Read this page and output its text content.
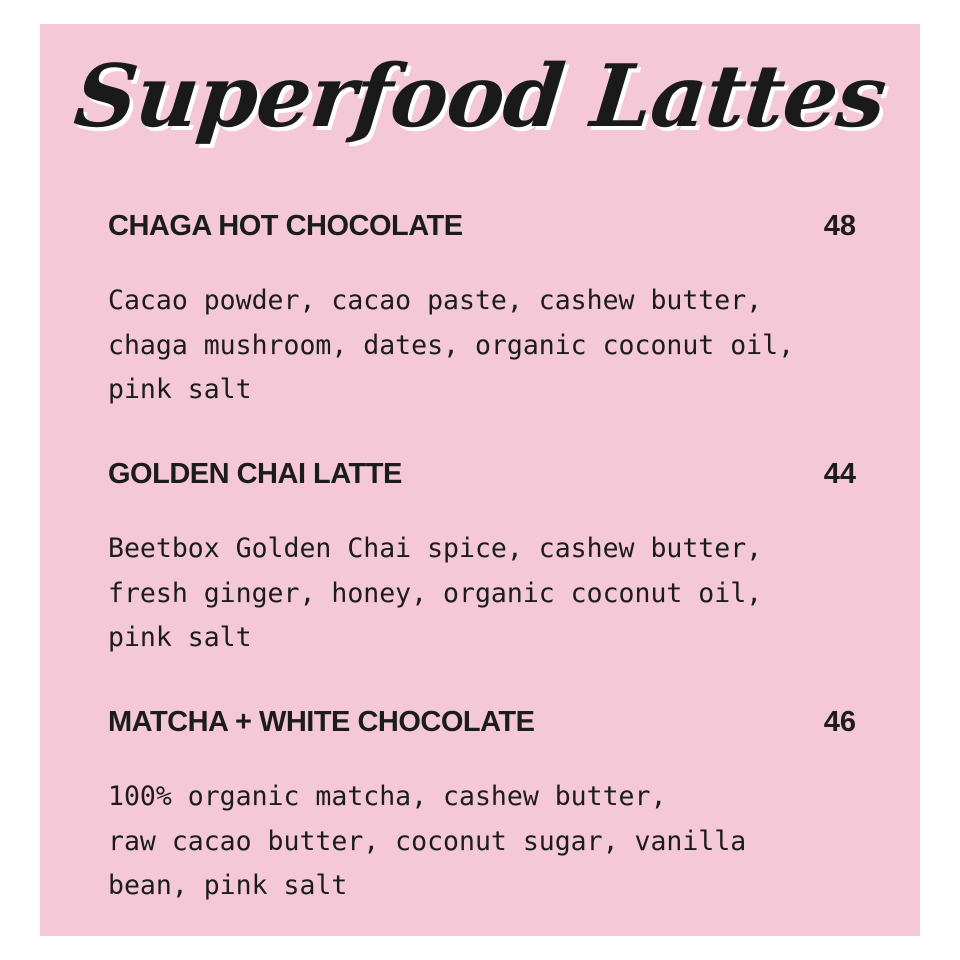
Superfood Lattes
CHAGA HOT CHOCOLATE	48
Cacao powder, cacao paste, cashew butter,
chaga mushroom, dates, organic coconut oil,
pink salt
GOLDEN CHAI LATTE	44
Beetbox Golden Chai spice, cashew butter,
fresh ginger, honey, organic coconut oil,
pink salt
MATCHA + WHITE CHOCOLATE	46
100% organic matcha, cashew butter,
raw cacao butter, coconut sugar, vanilla
bean, pink salt
